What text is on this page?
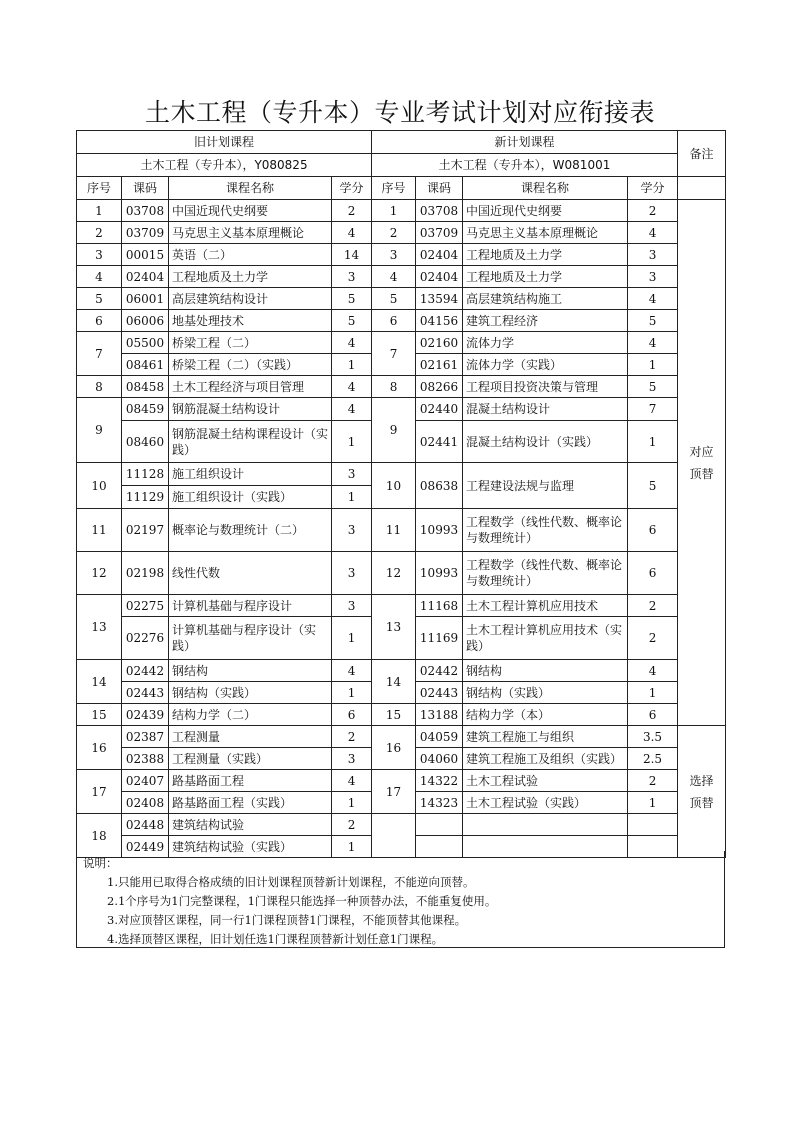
土木工程（专升本）专业考试计划对应衔接表
旧计划课程				新计划课程				备注
土木工程（专升本），Y080825				土木工程（专升本），W081001				
序号	课码	课程名称	学分	序号	课码	课程名称	学分	
1	03708	中国近现代史纲要	2	1	03708	中国近现代史纲要	2	对应顶替
2	03709	马克思主义基本原理概论	4	2	03709	马克思主义基本原理概论	4	
3	00015	英语（二）	14	3	02404	工程地质及土力学	3	
4	02404	工程地质及土力学	3	4	02404	工程地质及土力学	3	
5	06001	高层建筑结构设计	5	5	13594	高层建筑结构施工	4	
6	06006	地基处理技术	5	6	04156	建筑工程经济	5	
7	05500	桥梁工程（二）	4	7	02160	流体力学	4	
	08461	桥梁工程（二）（实践）	1		02161	流体力学（实践）	1	
8	08458	土木工程经济与项目管理	4	8	08266	工程项目投资决策与管理	5	
9	08459	钢筋混凝土结构设计	4	9	02440	混凝土结构设计	7	
	08460	钢筋混凝土结构课程设计（实践）	1		02441	混凝土结构设计（实践）	1	
10	11128	施工组织设计	3	10	08638	工程建设法规与监理	5	
	11129	施工组织设计（实践）	1					
11	02197	概率论与数理统计（二）	3	11	10993	工程数学（线性代数、概率论与数理统计）	6	
12	02198	线性代数	3	12	10993	工程数学（线性代数、概率论与数理统计）	6	
13	02275	计算机基础与程序设计	3	13	11168	土木工程计算机应用技术	2	
	02276	计算机基础与程序设计（实践）	1		11169	土木工程计算机应用技术（实践）	2	
14	02442	钢结构	4	14	02442	钢结构	4	
	02443	钢结构（实践）	1		02443	钢结构（实践）	1	
15	02439	结构力学（二）	6	15	13188	结构力学（本）	6	
16	02387	工程测量	2	16	04059	建筑工程施工与组织	3.5	选择顶替
	02388	工程测量（实践）	3		04060	建筑工程施工及组织（实践）	2.5	
17	02407	路基路面工程	4	17	14322	土木工程试验	2	
	02408	路基路面工程（实践）	1		14323	土木工程试验（实践）	1	
18	02448	建筑结构试验	2					
	02449	建筑结构试验（实践）	1					
说明：
1.只能用已取得合格成绩的旧计划课程顶替新计划课程，不能逆向顶替。
2.1个序号为1门完整课程，1门课程只能选择一种顶替办法，不能重复使用。
3.对应顶替区课程，同一行1门课程顶替1门课程，不能顶替其他课程。
4.选择顶替区课程，旧计划任选1门课程顶替新计划任意1门课程。
